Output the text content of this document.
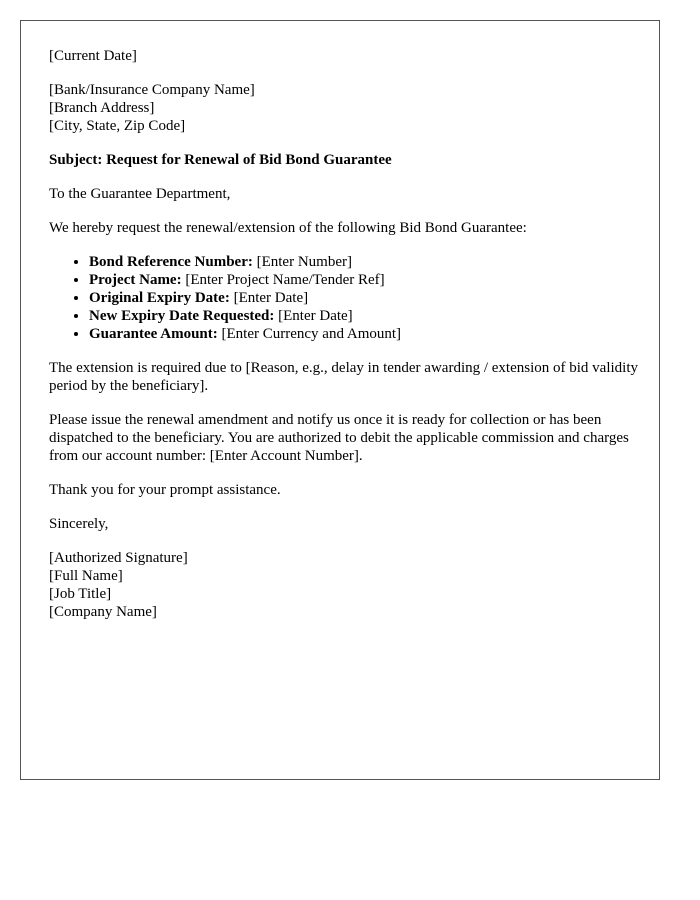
[Current Date]

[Bank/Insurance Company Name]

[Branch Address]

[City, State, Zip Code]

Subject: Request for Renewal of Bid Bond Guarantee

To the Guarantee Department,

We hereby request the renewal/extension of the following Bid Bond Guarantee:

• Bond Reference Number: [Enter Number]
• Project Name: [Enter Project Name/Tender Ref]
• Original Expiry Date: [Enter Date]
• New Expiry Date Requested: [Enter Date]
• Guarantee Amount: [Enter Currency and Amount]

The extension is required due to [Reason, e.g., delay in tender awarding / extension of bid validity period by the beneficiary].

Please issue the renewal amendment and notify us once it is ready for collection or has been dispatched to the beneficiary. You are authorized to debit the applicable commission and charges from our account number: [Enter Account Number].

Thank you for your prompt assistance.

Sincerely,

[Authorized Signature]

[Full Name]

[Job Title]

[Company Name]
